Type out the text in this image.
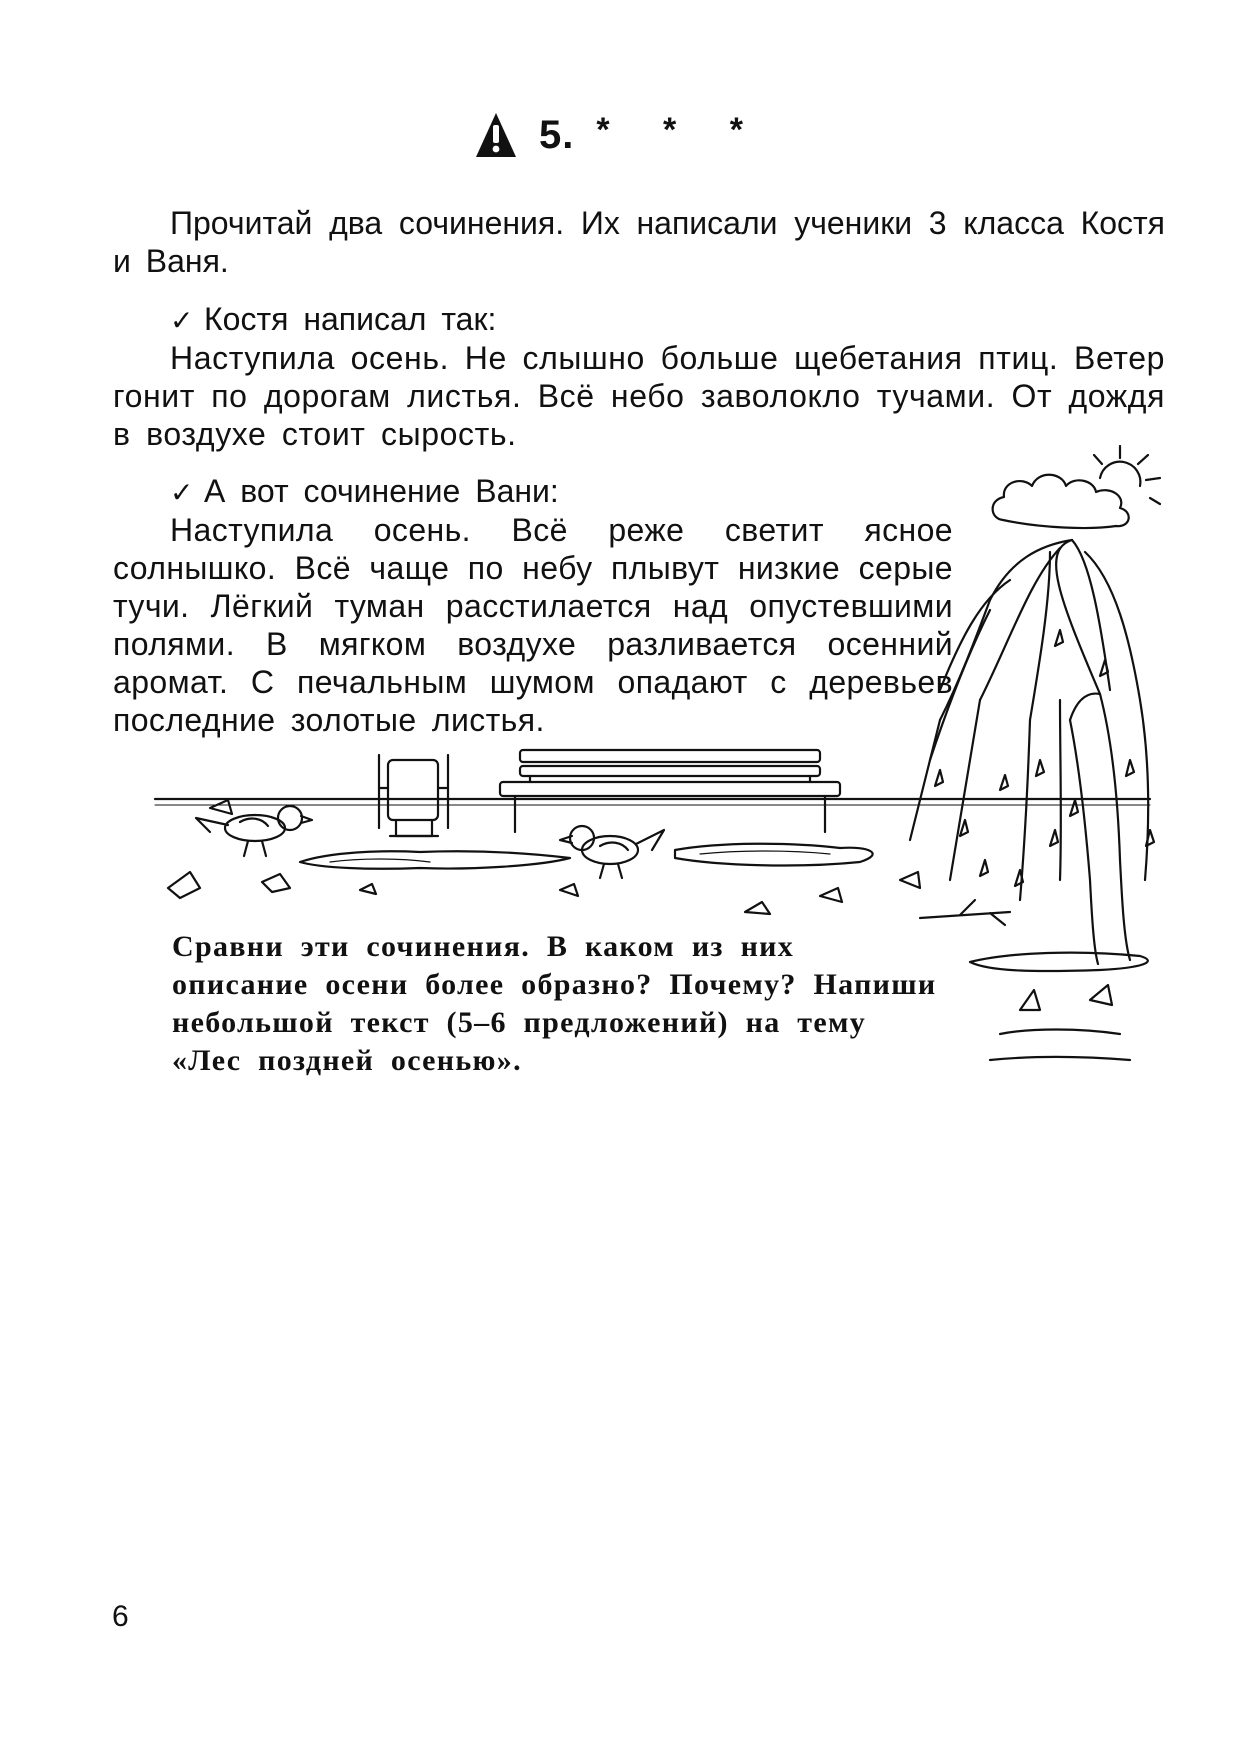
5. * * *

Прочитай два сочинения. Их написали ученики 3 класса Костя и Ваня.

✓ Костя написал так:

Наступила осень. Не слышно больше щебетания птиц. Ветер гонит по дорогам листья. Всё небо заволокло тучами. От дождя в воздухе стоит сырость.

✓ А вот сочинение Вани:

Наступила осень. Всё реже светит ясное солнышко. Всё чаще по небу плывут низкие серые тучи. Лёгкий туман расстилается над опустевшими полями. В мягком воздухе разливается осенний аромат. С печальным шумом опадают с деревьев последние золотые листья.

Сравни эти сочинения. В каком из них описание осени более образно? Почему? Напиши небольшой текст (5–6 предложений) на тему «Лес поздней осенью».

6
